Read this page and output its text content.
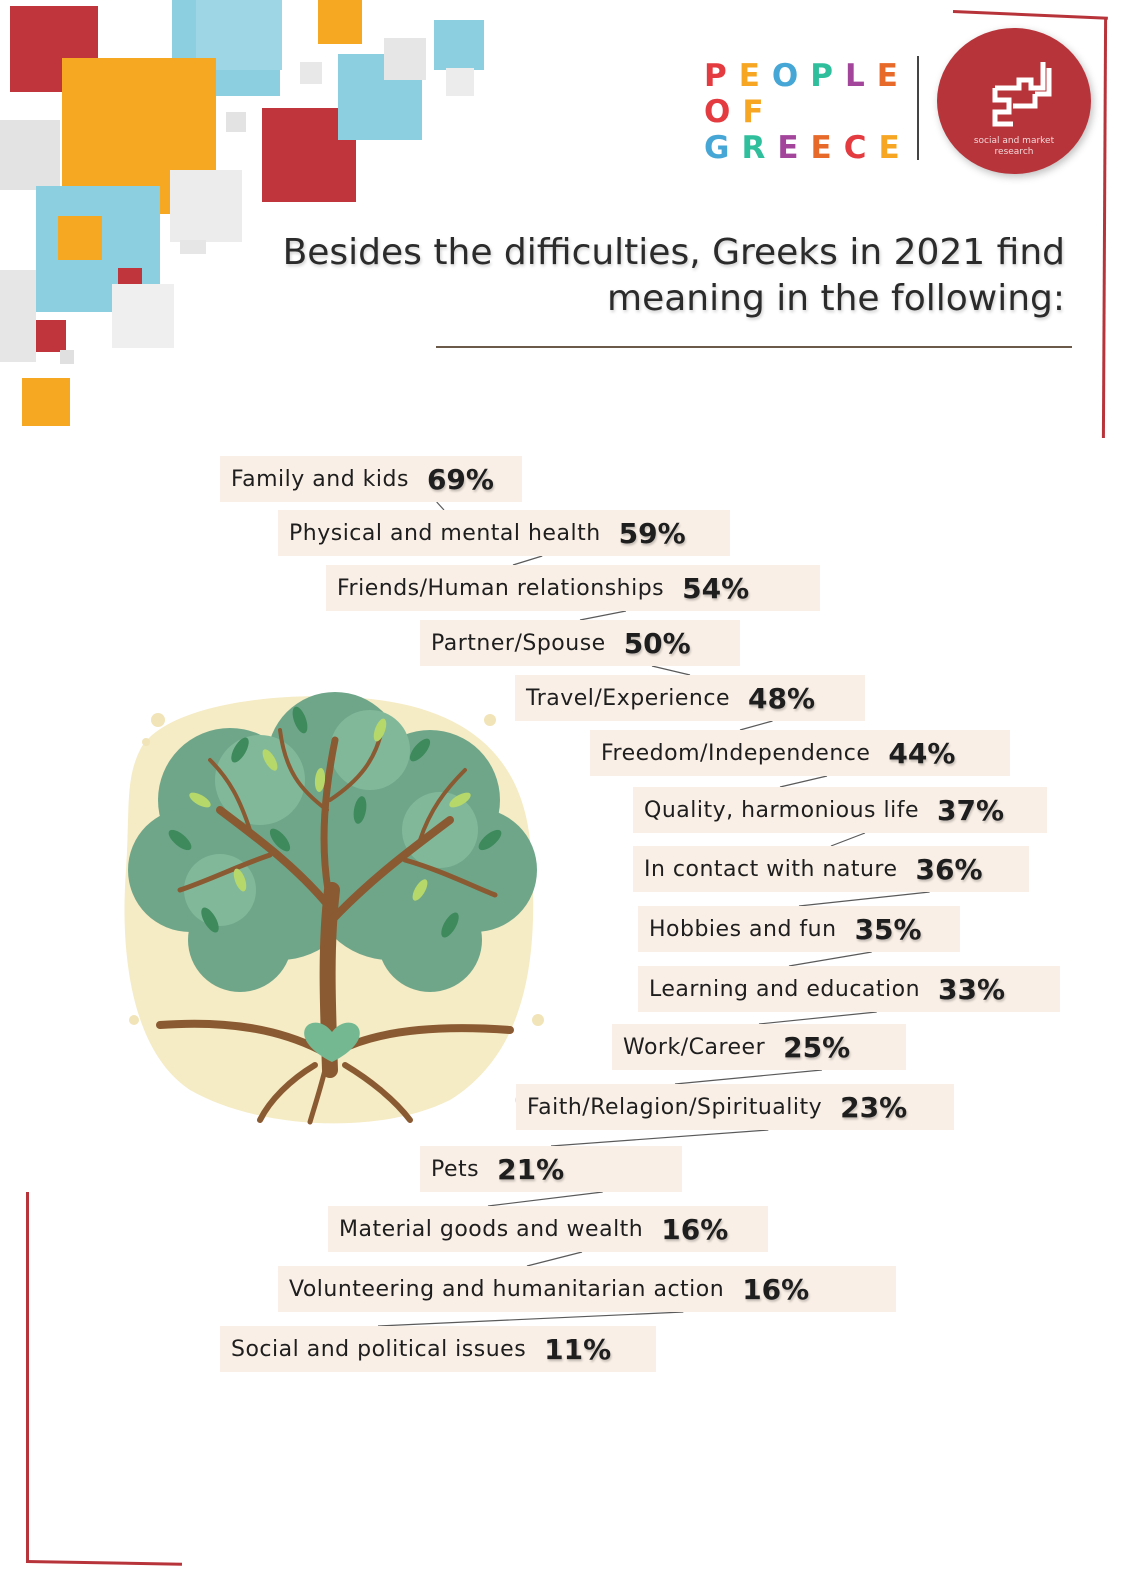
PEOPLE
OF
GREECE	social and market
research
Besides the difficulties, Greeks in 2021 find
meaning in the following:
Family and kids 69%
Physical and mental health 59%
Friends/Human relationships 54%
Partner/Spouse 50%
Travel/Experience 48%
Freedom/Independence 44%
Quality, harmonious life 37%
In contact with nature 36%
Hobbies and fun 35%
Learning and education 33%
Work/Career 25%
Faith/Relagion/Spirituality 23%
Pets 21%
Material goods and wealth 16%
Volunteering and humanitarian action 16%
Social and political issues 11%
